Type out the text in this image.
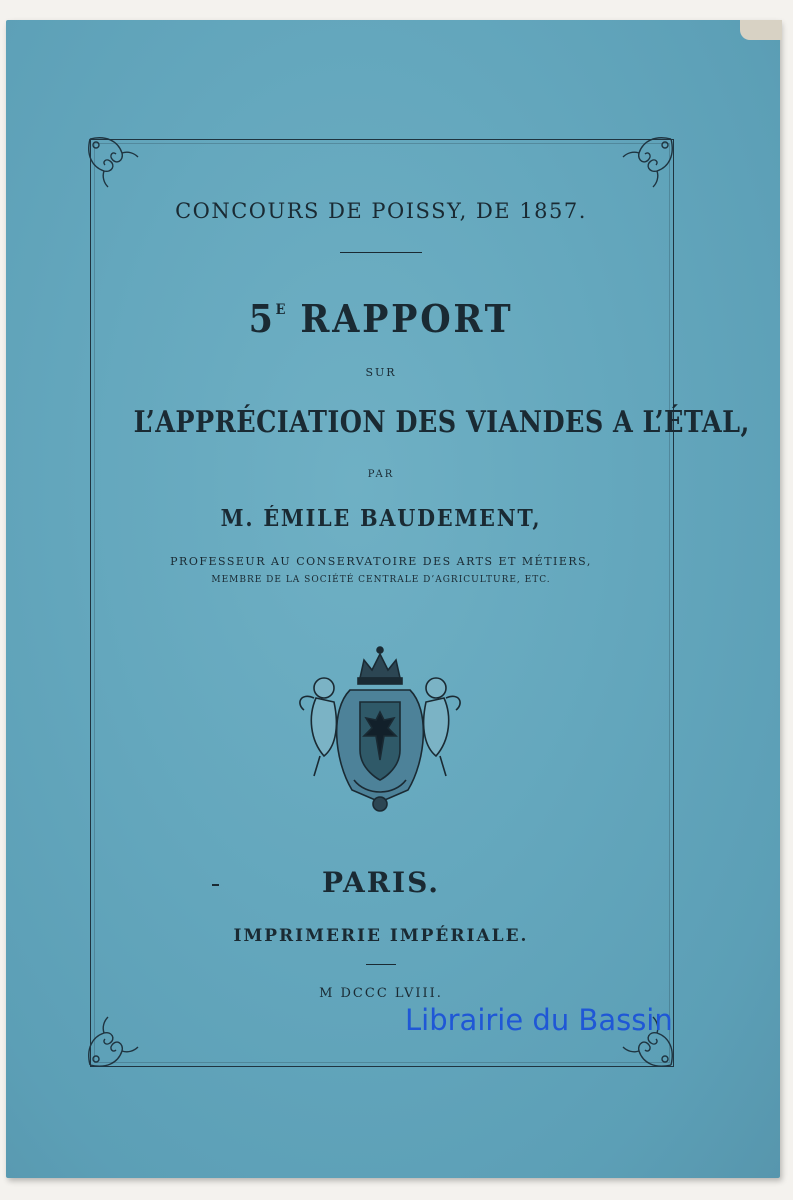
CONCOURS DE POISSY, DE 1857.
$5^E$ RAPPORT
SUR
L’APPRÉCIATION DES VIANDES A L’ÉTAL,
PAR
M. ÉMILE BAUDEMENT,
PROFESSEUR AU CONSERVATOIRE DES ARTS ET MÉTIERS,
MEMBRE DE LA SOCIÉTÉ CENTRALE D’AGRICULTURE, ETC.
PARIS.
IMPRIMERIE IMPÉRIALE.
M DCCC LVIII.
Librairie du Bassin
